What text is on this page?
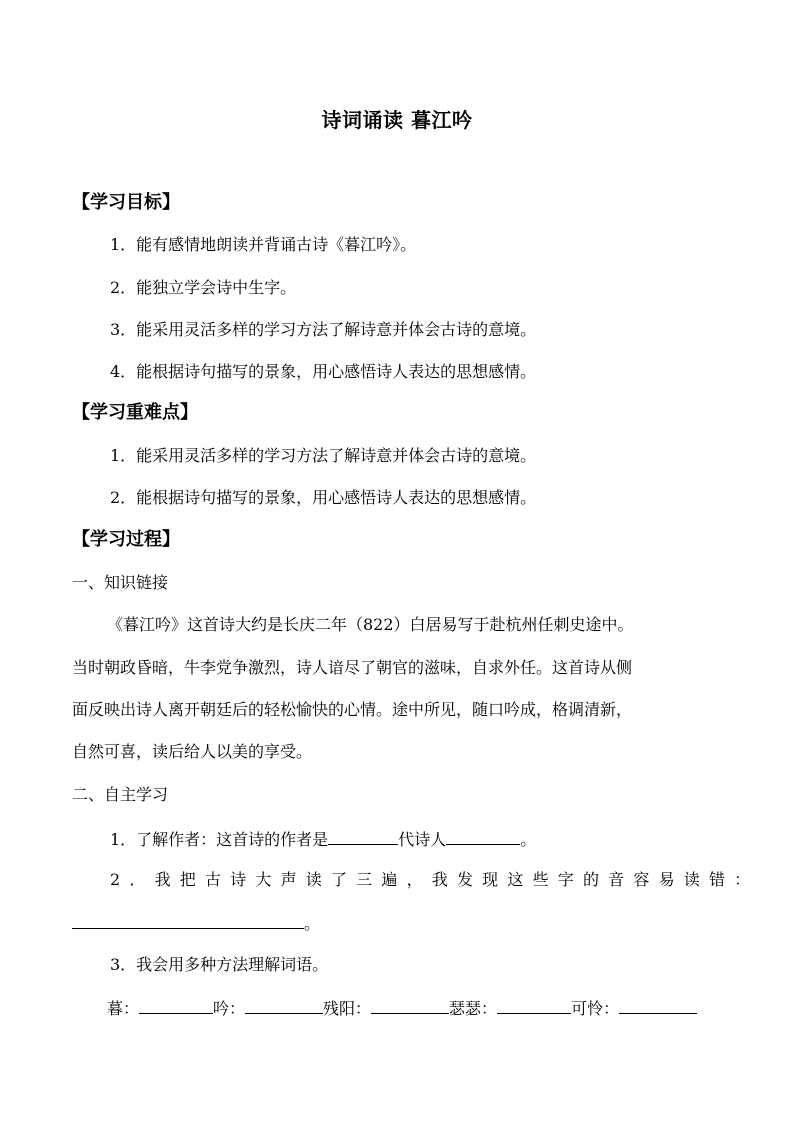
诗词诵读 暮江吟
【学习目标】
1．能有感情地朗读并背诵古诗《暮江吟》。
2．能独立学会诗中生字。
3．能采用灵活多样的学习方法了解诗意并体会古诗的意境。
4．能根据诗句描写的景象，用心感悟诗人表达的思想感情。
【学习重难点】
1．能采用灵活多样的学习方法了解诗意并体会古诗的意境。
2．能根据诗句描写的景象，用心感悟诗人表达的思想感情。
【学习过程】
一、知识链接
《暮江吟》这首诗大约是长庆二年（822）白居易写于赴杭州任刺史途中。
当时朝政昏暗，牛李党争激烈，诗人谙尽了朝官的滋味，自求外任。这首诗从侧
面反映出诗人离开朝廷后的轻松愉快的心情。途中所见，随口吟成，格调清新，
自然可喜，读后给人以美的享受。
二、自主学习
1．了解作者：这首诗的作者是	代诗人	。
2．我把古诗大声读了三遍，我发现这些字的音容易读错：
。
3．我会用多种方法理解词语。
暮：	吟：	残阳：	瑟瑟：	可怜：
